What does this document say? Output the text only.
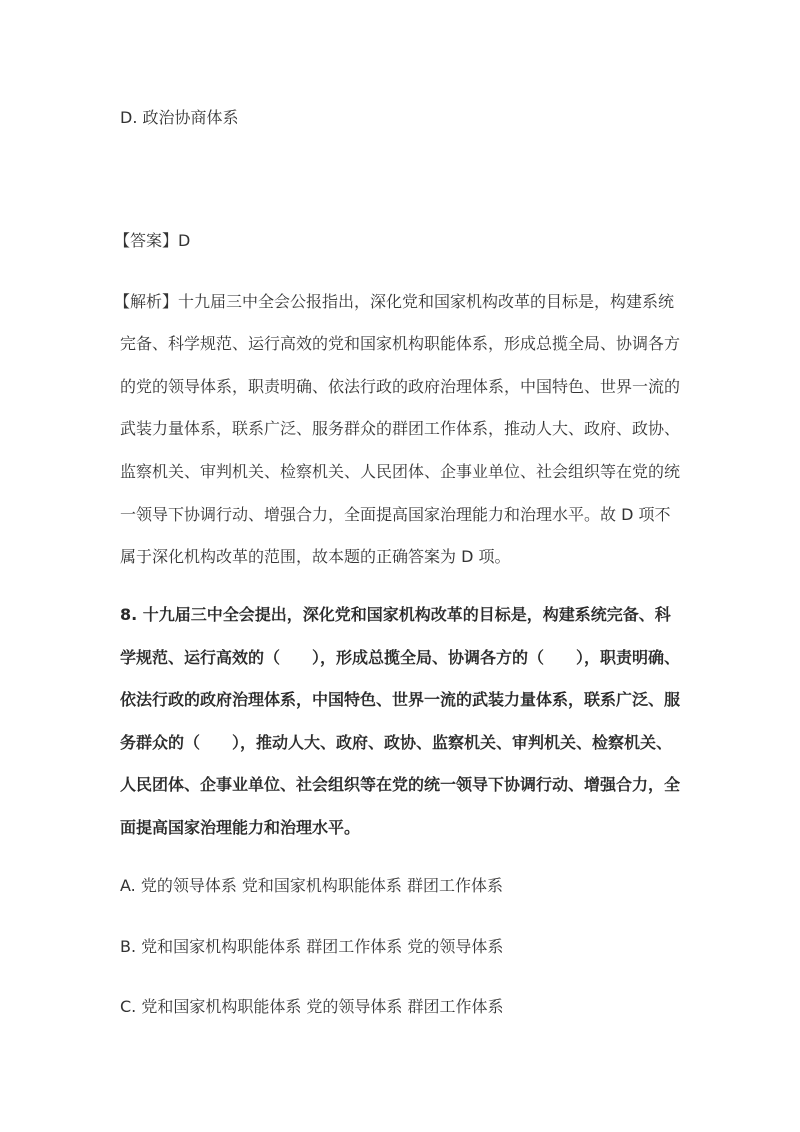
D. 政治协商体系
【答案】D
【解析】十九届三中全会公报指出，深化党和国家机构改革的目标是，构建系统
完备、科学规范、运行高效的党和国家机构职能体系，形成总揽全局、协调各方
的党的领导体系，职责明确、依法行政的政府治理体系，中国特色、世界一流的
武装力量体系，联系广泛、服务群众的群团工作体系，推动人大、政府、政协、
监察机关、审判机关、检察机关、人民团体、企事业单位、社会组织等在党的统
一领导下协调行动、增强合力，全面提高国家治理能力和治理水平。故 D 项不
属于深化机构改革的范围，故本题的正确答案为 D 项。
8. 十九届三中全会提出，深化党和国家机构改革的目标是，构建系统完备、科
学规范、运行高效的（　　），形成总揽全局、协调各方的（　　），职责明确、
依法行政的政府治理体系，中国特色、世界一流的武装力量体系，联系广泛、服
务群众的（　　），推动人大、政府、政协、监察机关、审判机关、检察机关、
人民团体、企事业单位、社会组织等在党的统一领导下协调行动、增强合力，全
面提高国家治理能力和治理水平。
A. 党的领导体系 党和国家机构职能体系 群团工作体系
B. 党和国家机构职能体系 群团工作体系 党的领导体系
C. 党和国家机构职能体系 党的领导体系 群团工作体系
